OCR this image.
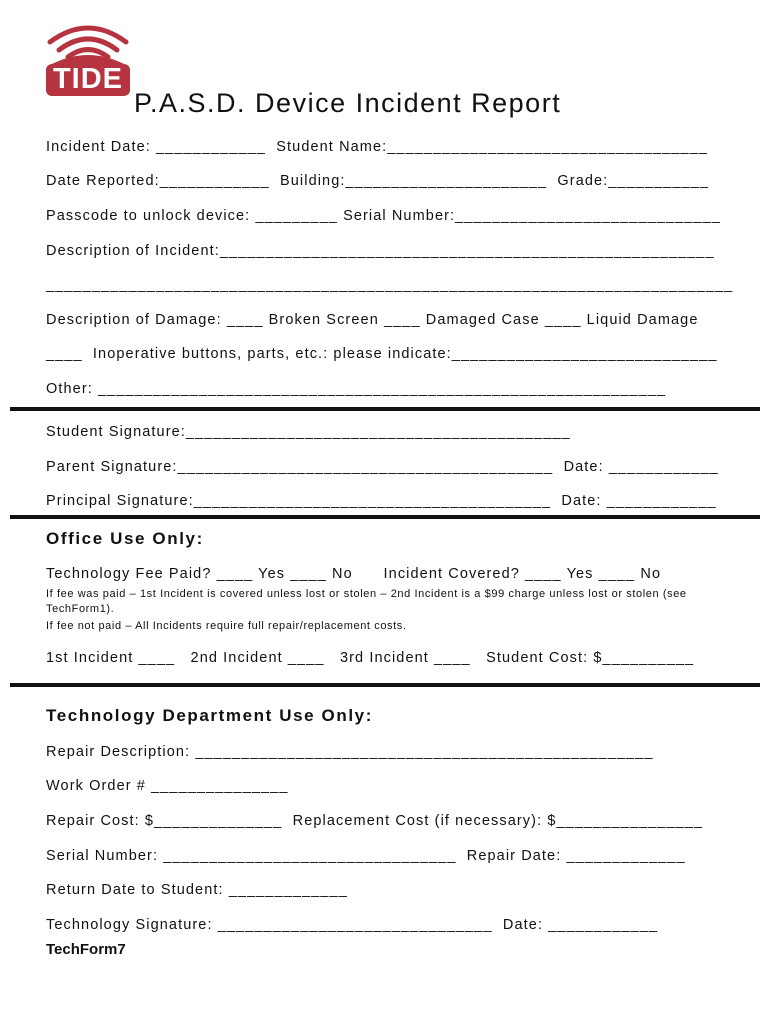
TIDE
P.A.S.D. Device Incident Report
Incident Date: ____________ Student Name:___________________________________
Date Reported:____________ Building:______________________ Grade:___________
Passcode to unlock device: _________ Serial Number:_____________________________
Description of Incident:______________________________________________________
___________________________________________________________________________
Description of Damage: ____ Broken Screen ____ Damaged Case ____ Liquid Damage
____  Inoperative buttons, parts, etc.: please indicate:_____________________________
Other: ______________________________________________________________
Student Signature:__________________________________________
Parent Signature:_________________________________________ Date: ____________
Principal Signature:_______________________________________ Date: ____________
Office Use Only:
Technology Fee Paid? ____ Yes ____ No Incident Covered? ____ Yes ____ No
If fee was paid – 1st Incident is covered unless lost or stolen – 2nd Incident is a $99 charge unless lost or stolen (see
TechForm1).
If fee not paid – All Incidents require full repair/replacement costs.
1st Incident ____ 2nd Incident ____ 3rd Incident ____ Student Cost: $__________
Technology Department Use Only:
Repair Description: __________________________________________________
Work Order # _______________
Repair Cost: $______________ Replacement Cost (if necessary): $________________
Serial Number: ________________________________ Repair Date: _____________
Return Date to Student: _____________
Technology Signature: ______________________________ Date: ____________
TechForm7
